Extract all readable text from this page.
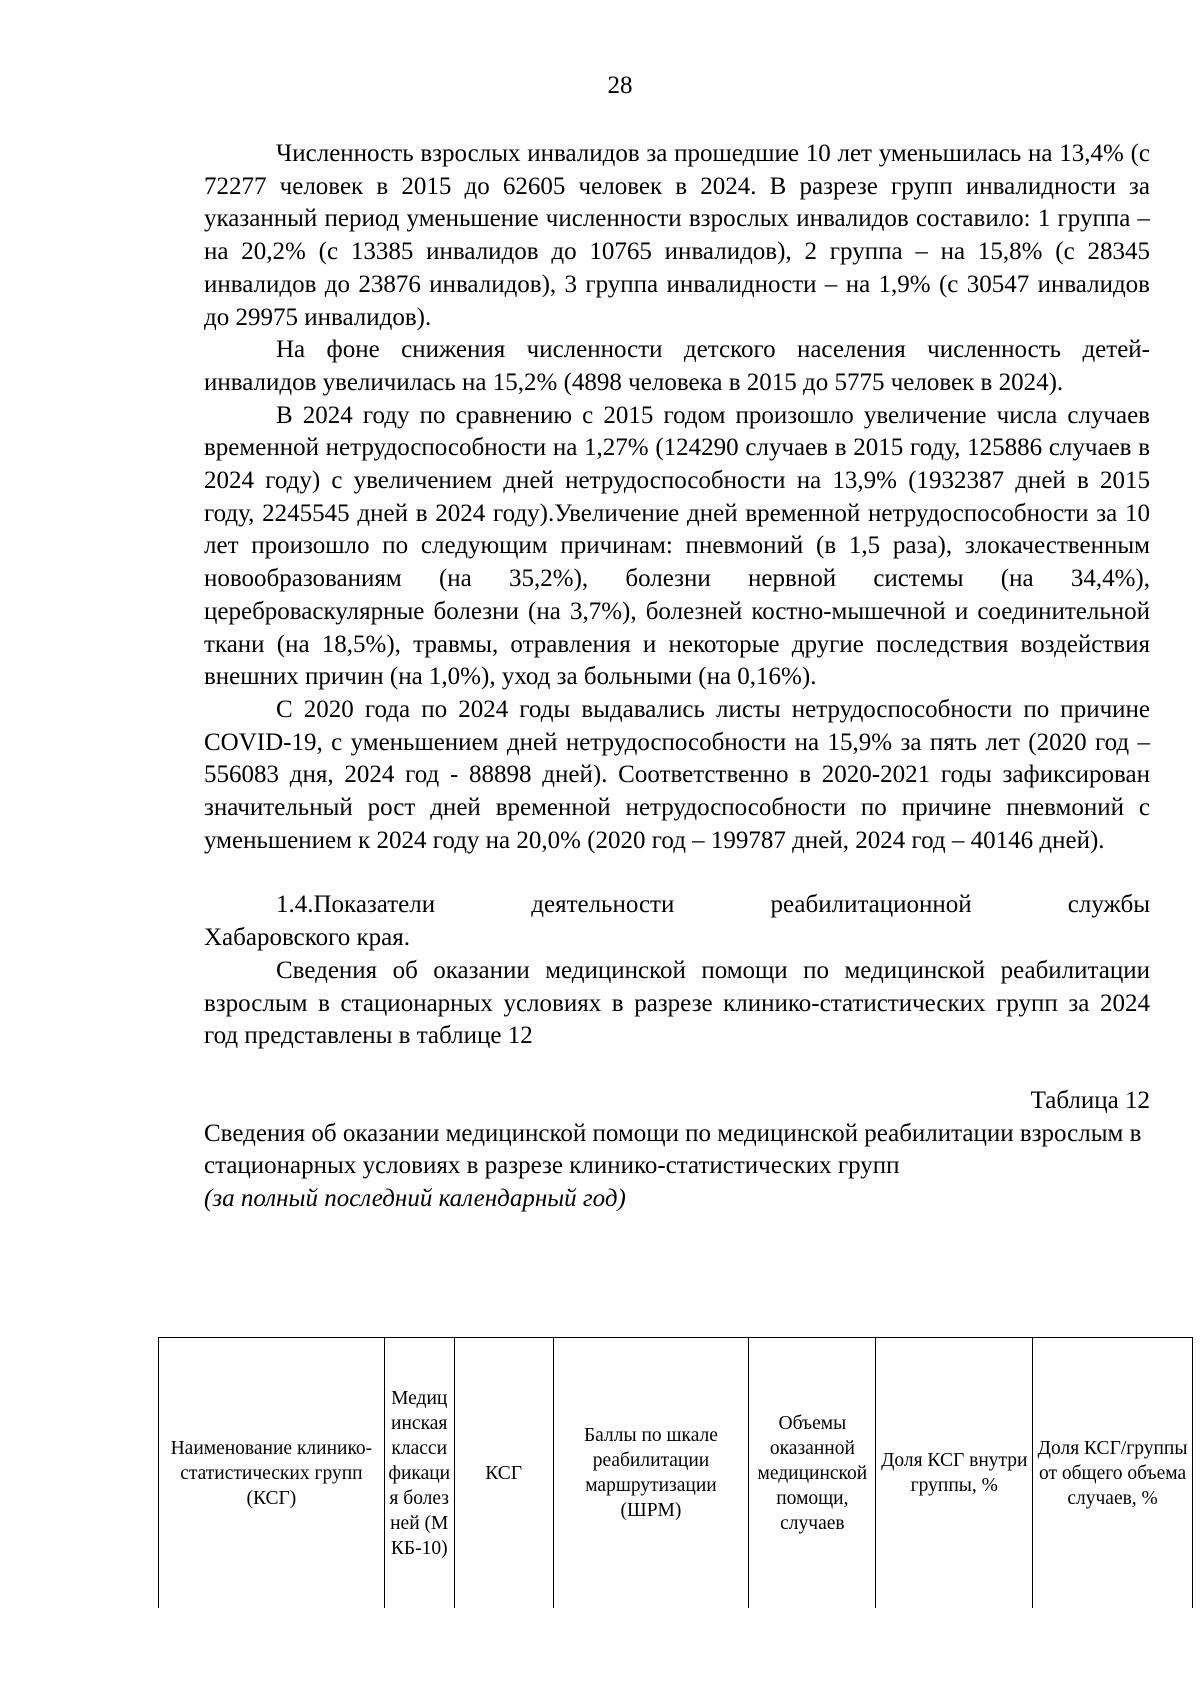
28

Численность взрослых инвалидов за прошедшие 10 лет уменьшилась на 13,4% (с 72277 человек в 2015 до 62605 человек в 2024. В разрезе групп инвалидности за указанный период уменьшение численности взрослых инвалидов составило: 1 группа – на 20,2% (с 13385 инвалидов до 10765 инвалидов), 2 группа – на 15,8% (с 28345 инвалидов до 23876 инвалидов), 3 группа инвалидности – на 1,9% (с 30547 инвалидов до 29975 инвалидов).

На фоне снижения численности детского населения численность детей-инвалидов увеличилась на 15,2% (4898 человека в 2015 до 5775 человек в 2024).

В 2024 году по сравнению с 2015 годом произошло увеличение числа случаев временной нетрудоспособности на 1,27% (124290 случаев в 2015 году, 125886 случаев в 2024 году) с увеличением дней нетрудоспособности на 13,9% (1932387 дней в 2015 году, 2245545 дней в 2024 году).Увеличение дней временной нетрудоспособности за 10 лет произошло по следующим причинам: пневмоний (в 1,5 раза), злокачественным новообразованиям (на 35,2%), болезни нервной системы (на 34,4%), цереброваскулярные болезни (на 3,7%), болезней костно-мышечной и соединительной ткани (на 18,5%), травмы, отравления и некоторые другие последствия воздействия внешних причин (на 1,0%), уход за больными (на 0,16%).

С 2020 года по 2024 годы выдавались листы нетрудоспособности по причине COVID-19, с уменьшением дней нетрудоспособности на 15,9% за пять лет (2020 год – 556083 дня, 2024 год - 88898 дней). Соответственно в 2020-2021 годы зафиксирован значительный рост дней временной нетрудоспособности по причине пневмоний с уменьшением к 2024 году на 20,0% (2020 год – 199787 дней, 2024 год – 40146 дней).

1.4.Показатели деятельности реабилитационной службы
Хабаровского края.

Сведения об оказании медицинской помощи по медицинской реабилитации взрослым в стационарных условиях в разрезе клинико-статистических групп за 2024 год представлены в таблице 12

Таблица 12
Сведения об оказании медицинской помощи по медицинской реабилитации взрослым в стационарных условиях в разрезе клинико-статистических групп
(за полный последний календарный год)
Наименование клинико-статистических групп (КСГ)	Медицинская классификация болезней (МКБ-10)	КСГ	Баллы по шкале реабилитации маршрутизации (ШРМ)	Объемы оказанной медицинской помощи, случаев	Доля КСГ внутри группы, %	Доля КСГ/группы от общего объема случаев, %
